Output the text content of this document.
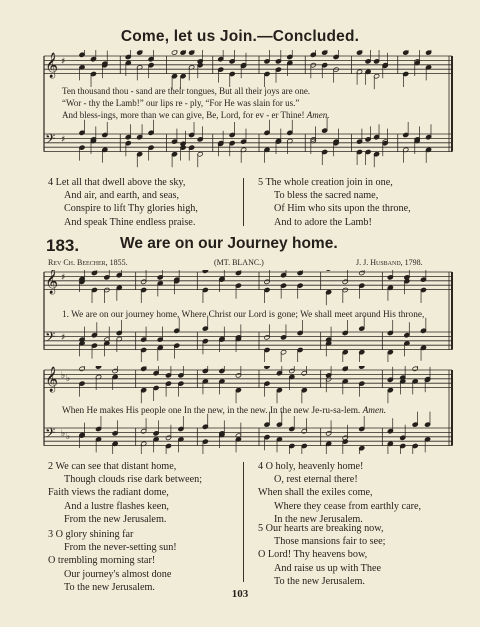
Come, let us Join.—Concluded.
𝄞 ♯
𝄢 ♯
Ten thousand thou - sand are their tongues, But all their joys are one.
“Wor - thy the Lamb!” our lips re - ply, “For He was slain for us.”
And bless-ings, more than we can give, Be, Lord, for ev - er Thine! Amen.
4 Let all that dwell above the sky,
And air, and earth, and seas,
Conspire to lift Thy glories high,
And speak Thine endless praise.
5 The whole creation join in one,
To bless the sacred name,
Of Him who sits upon the throne,
And to adore the Lamb!
183.	We are on our Journey home.
Rev Ch. Beecher, 1855.	(MT. BLANC.)	J. J. Husband, 1798.
𝄞 ♯
𝄢 ♯
1. We are on our journey home, Where Christ our Lord is gone; We shall meet around His throne,
𝄞 ♭ ♭
𝄢 ♭ ♭
When He makes His people one In the new, in the new. In the new Je-ru-sa-lem. Amen.
2 We can see that distant home,
Though clouds rise dark between;
Faith views the radiant dome,
And a lustre flashes keen,
From the new Jerusalem.
3 O glory shining far
From the never-setting sun!
O trembling morning star!
Our journey's almost done
To the new Jerusalem.
4 O holy, heavenly home!
O, rest eternal there!
When shall the exiles come,
Where they cease from earthly care,
In the new Jerusalem.
5 Our hearts are breaking now,
Those mansions fair to see;
O Lord! Thy heavens bow,
And raise us up with Thee
To the new Jerusalem.
103
